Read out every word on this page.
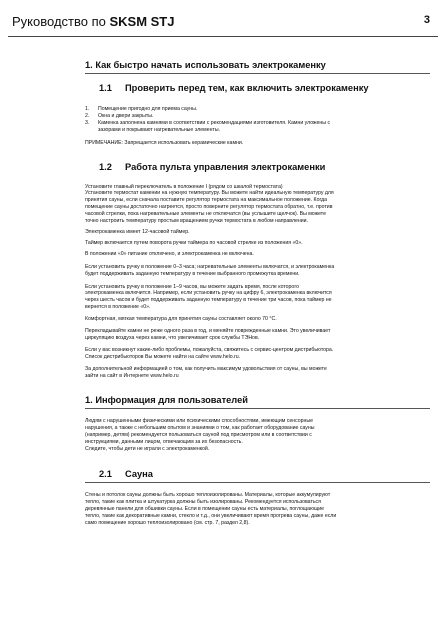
Руководство по SKSM STJ	3
1. Как быстро начать использовать электрокаменку
1.1	Проверить перед тем, как включить электрокаменку
1.	Помещение пригодно для приема сауны.
2.	Окна и двери закрыты.
3.	Каменка заполнена камнями в соответствии с рекомендациями изготовителя. Камни уложены с
зазорами и покрывают нагревательные элементы.
ПРИМЕЧАНИЕ: Запрещается использовать керамические камни.
1.2	Работа пульта управления электрокаменки
Установите главный переключатель в положение I (рядом со шкалой термостата)
Установите термостат камении на нужную температуру. Вы можете найти идеальную температуру для
принятия сауны, если сначала поставите регулятор термостата на максимальное положение. Когда
помещение сауны достаточно нагреется, просто поверните регулятор термостата обратно, т.е. против
часовой стрелки, пока нагревательные элементы не отключатся (вы услышите щелчок). Вы можете
точно настроить температуру простым вращением ручки термостата в любом направлении.
Электрокаменка имеет 12-часовой таймер.
Таймер включается путем поворота ручки таймера по часовой стрелке из положения «0».
В положении «0» питание отключено, и электрокаменка не включена.
Если установить ручку в положение 0–3 часа; нагревательные элементы включатся, и электрокаменка
будет поддерживать заданную температуру в течение выбранного промежутка времени.
Если установить ручку в положение 1–9 часов, вы можете задать время, после которого
электрокаменка включится. Например, если установить ручку на цифру 6, электрокаменка включится
через шесть часов и будет поддерживать заданную температуру в течение три часов, пока таймер не
вернется в положение «0».
Комфортная, мягкая температура для принятия сауны составляет около 70 °C.
Перекладывайте камни не реже одного раза в год, и меняйте поврежденные камни. Это увеличивает
циркуляцию воздуха через камни, что увеличивает срок службы ТЭНов.
Если у вас возникнут какие-либо проблемы, пожалуйста, свяжитесь с сервис-центром дистрибьютора.
Список дистрибьюторов Вы можете найти на сайте www.helo.ru.
За дополнительной информацией о том, как получить максимум удовольствия от сауны, вы можете
зайти на сайт в Интернете www.helo.ru
1. Информация для пользователей
Людям с нарушенными физическими или психическими способностями, имеющим сенсорные
нарушения, а также с небольшим опытом и знаниями о том, как работает оборудование сауны
(например, детям) рекомендуется пользоваться сауной под присмотром или в соответствии с
инструкциями, данными лицом, отвечающим за их безопасность.
Следите, чтобы дети не играли с электрокаменкой.
2.1	Сауна
Стены и потолок сауны должны быть хорошо теплоизолированы. Материалы, которые аккумулируют
тепло, такие как плитка и штукатурка должны быть изолированы. Рекомендуется использоваться
деревянные панели для обшивки сауны. Если в помещении сауны есть материалы, поглощающие
тепло, такие как декоративные камни, стекло и т.д., они увеличивают время прогрева сауны, даже если
само помещение хорошо теплоизолировано (см. стр. 7, раздел 2,8).
